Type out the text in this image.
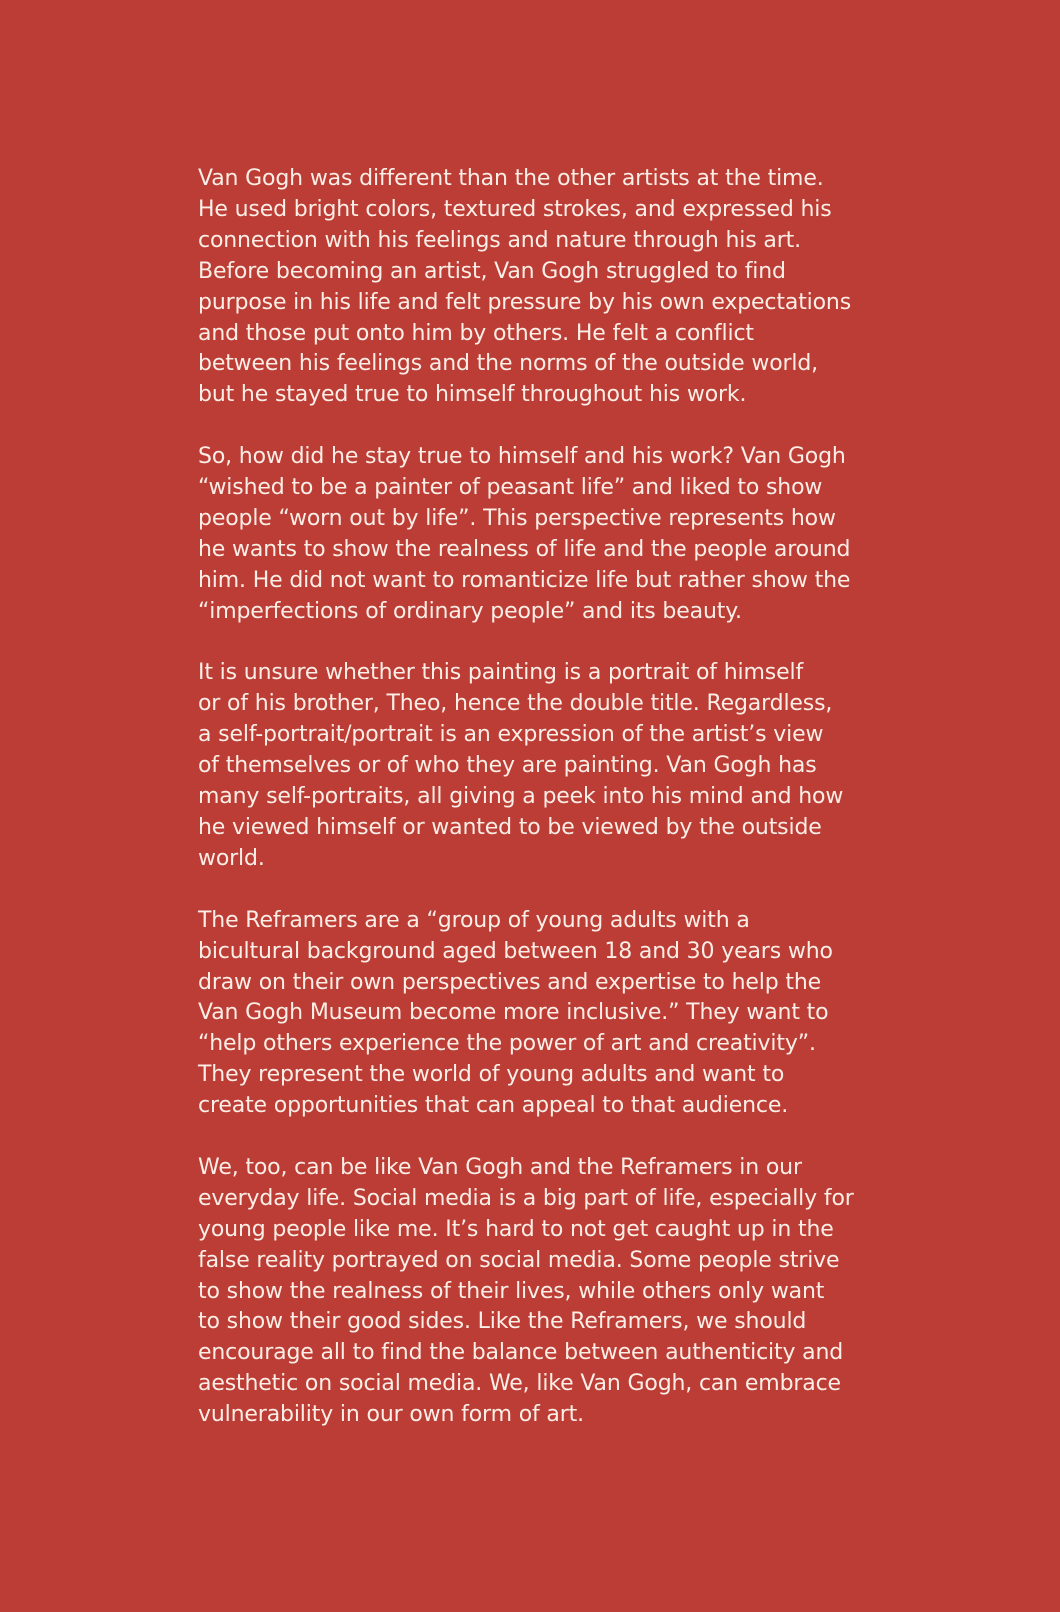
Van Gogh was different than the other artists at the time.
He used bright colors, textured strokes, and expressed his
connection with his feelings and nature through his art.
Before becoming an artist, Van Gogh struggled to find
purpose in his life and felt pressure by his own expectations
and those put onto him by others. He felt a conflict
between his feelings and the norms of the outside world,
but he stayed true to himself throughout his work.

So, how did he stay true to himself and his work? Van Gogh
“wished to be a painter of peasant life” and liked to show
people “worn out by life”. This perspective represents how
he wants to show the realness of life and the people around
him. He did not want to romanticize life but rather show the
“imperfections of ordinary people” and its beauty.

It is unsure whether this painting is a portrait of himself
or of his brother, Theo, hence the double title. Regardless,
a self-portrait/portrait is an expression of the artist’s view
of themselves or of who they are painting. Van Gogh has
many self-portraits, all giving a peek into his mind and how
he viewed himself or wanted to be viewed by the outside
world.

The Reframers are a “group of young adults with a
bicultural background aged between 18 and 30 years who
draw on their own perspectives and expertise to help the
Van Gogh Museum become more inclusive.” They want to
“help others experience the power of art and creativity”.
They represent the world of young adults and want to
create opportunities that can appeal to that audience.

We, too, can be like Van Gogh and the Reframers in our
everyday life. Social media is a big part of life, especially for
young people like me. It’s hard to not get caught up in the
false reality portrayed on social media. Some people strive
to show the realness of their lives, while others only want
to show their good sides. Like the Reframers, we should
encourage all to find the balance between authenticity and
aesthetic on social media. We, like Van Gogh, can embrace
vulnerability in our own form of art.
